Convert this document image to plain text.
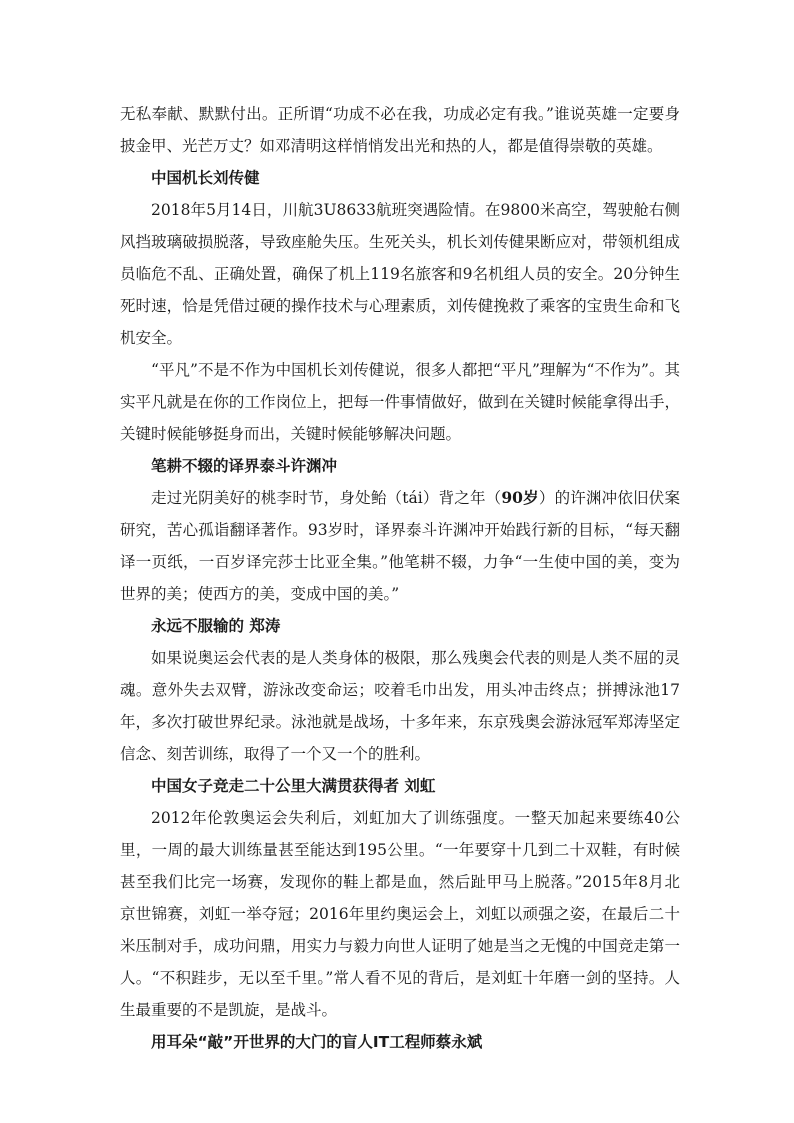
无私奉献、默默付出。正所谓“功成不必在我，功成必定有我。”谁说英雄一定要身披金甲、光芒万丈？如邓清明这样悄悄发出光和热的人，都是值得崇敬的英雄。

中国机长刘传健

2018年5月14日，川航3U8633航班突遇险情。在9800米高空，驾驶舱右侧风挡玻璃破损脱落，导致座舱失压。生死关头，机长刘传健果断应对，带领机组成员临危不乱、正确处置，确保了机上119名旅客和9名机组人员的安全。20分钟生死时速，恰是凭借过硬的操作技术与心理素质，刘传健挽救了乘客的宝贵生命和飞机安全。

“平凡”不是不作为中国机长刘传健说，很多人都把“平凡”理解为“不作为”。其实平凡就是在你的工作岗位上，把每一件事情做好，做到在关键时候能拿得出手，关键时候能够挺身而出，关键时候能够解决问题。

笔耕不辍的译界泰斗许渊冲

走过光阴美好的桃李时节，身处鲐（tái）背之年（90岁）的许渊冲依旧伏案研究，苦心孤诣翻译著作。93岁时，译界泰斗许渊冲开始践行新的目标，“每天翻译一页纸，一百岁译完莎士比亚全集。”他笔耕不辍，力争“一生使中国的美，变为世界的美；使西方的美，变成中国的美。”

永远不服输的 郑涛

如果说奥运会代表的是人类身体的极限，那么残奥会代表的则是人类不屈的灵魂。意外失去双臂，游泳改变命运；咬着毛巾出发，用头冲击终点；拼搏泳池17年，多次打破世界纪录。泳池就是战场，十多年来，东京残奥会游泳冠军郑涛坚定信念、刻苦训练，取得了一个又一个的胜利。

中国女子竞走二十公里大满贯获得者 刘虹

2012年伦敦奥运会失利后，刘虹加大了训练强度。一整天加起来要练40公里，一周的最大训练量甚至能达到195公里。“一年要穿十几到二十双鞋，有时候甚至我们比完一场赛，发现你的鞋上都是血，然后趾甲马上脱落。”2015年8月北京世锦赛，刘虹一举夺冠；2016年里约奥运会上，刘虹以顽强之姿，在最后二十米压制对手，成功问鼎，用实力与毅力向世人证明了她是当之无愧的中国竞走第一人。“不积跬步，无以至千里。”常人看不见的背后，是刘虹十年磨一剑的坚持。人生最重要的不是凯旋，是战斗。

用耳朵“敲”开世界的大门的盲人IT工程师蔡永斌
